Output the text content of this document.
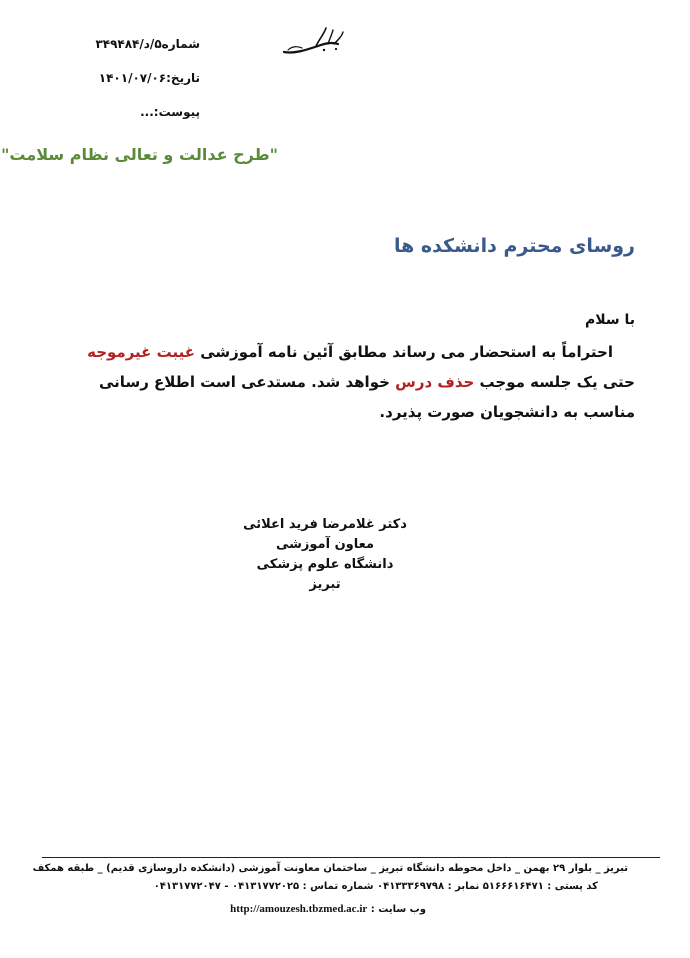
شماره۵/د/۳۴۹۴۸۴
تاریخ:۱۴۰۱/۰۷/۰۶
پیوست:...
"طرح عدالت و تعالی نظام سلامت"
روسای محترم دانشکده ها
با سلام
احتراماً به استحضار می رساند مطابق آئین نامه آموزشی غیبت غیرموجه
حتی یک جلسه موجب حذف درس خواهد شد. مستدعی است اطلاع رسانی
مناسب به دانشجویان صورت پذیرد.
دکتر غلامرضا فرید اعلائی
معاون آموزشی
دانشگاه علوم پزشکی تبریز
تبریز _ بلوار ۲۹ بهمن _ داخل محوطه دانشگاه تبریز _ ساختمان معاونت آموزشی (دانشکده داروسازی قدیم) _ طبقه همکف
کد پستی : ۵۱۶۶۶۱۶۴۷۱ نمابر : ۰۴۱۳۳۳۶۹۷۹۸ شماره تماس : ۰۴۱۳۱۷۷۲۰۲۵ - ۰۴۱۳۱۷۷۲۰۴۷
وب سایت : http://amouzesh.tbzmed.ac.ir
